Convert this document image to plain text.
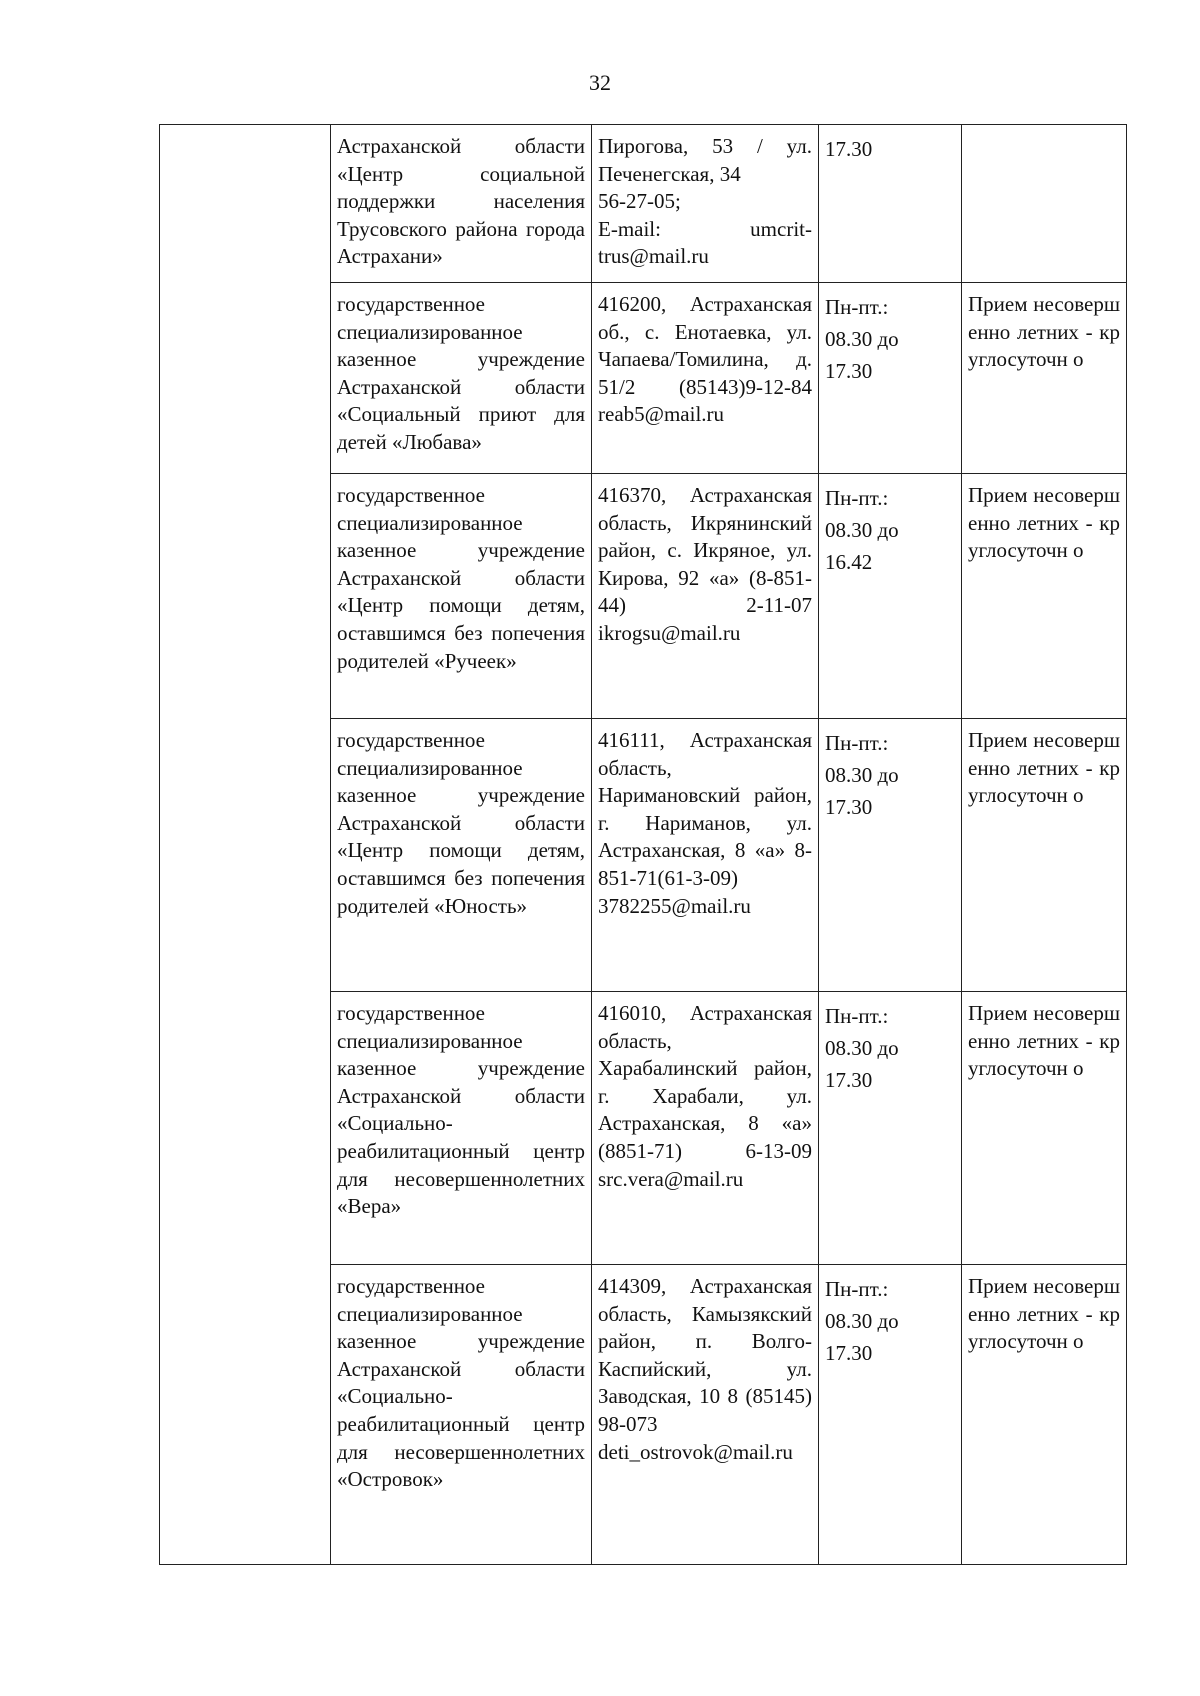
32
	Астраханской области «Центр социальной поддержки населения Трусовского района города Астрахани»	Пирогова, 53 / ул. Печенегская, 34
56-27-05;
E-mail: umcrit-trus@mail.ru	17.30	
	государственное специализированное казенное учреждение Астраханской области «Социальный приют для детей «Любава»	416200, Астраханская об., с. Енотаевка, ул. Чапаева/Томилина, д. 51/2 (85143)9-12-84 reab5@mail.ru	Пн-пт.:
08.30 до
17.30	Прием несовершенно летних - круглосуточн о
	государственное специализированное казенное учреждение Астраханской области «Центр помощи детям, оставшимся без попечения родителей «Ручеек»	416370, Астраханская область, Икрянинский район, с. Икряное, ул. Кирова, 92 «а» (8-851-44) 2-11-07 ikrogsu@mail.ru	Пн-пт.:
08.30 до
16.42	Прием несовершенно летних - круглосуточн о
	государственное специализированное казенное учреждение Астраханской области «Центр помощи детям, оставшимся без попечения родителей «Юность»	416111, Астраханская область, Наримановский район, г. Нариманов, ул. Астраханская, 8 «а» 8-851-71(61-3-09) 3782255@mail.ru	Пн-пт.:
08.30 до
17.30	Прием несовершенно летних - круглосуточн о
	государственное специализированное казенное учреждение Астраханской области «Социально-реабилитационный центр для несовершеннолетних «Вера»	416010, Астраханская область, Харабалинский район, г. Харабали, ул. Астраханская, 8 «а» (8851-71) 6-13-09 src.vera@mail.ru	Пн-пт.:
08.30 до
17.30	Прием несовершенно летних - круглосуточн о
	государственное специализированное казенное учреждение Астраханской области «Социально-реабилитационный центр для несовершеннолетних «Островок»	414309, Астраханская область, Камызякский район, п. Волго-Каспийский, ул. Заводская, 10 8 (85145) 98-073 deti_ostrovok@mail.ru	Пн-пт.:
08.30 до
17.30	Прием несовершенно летних - круглосуточн о
